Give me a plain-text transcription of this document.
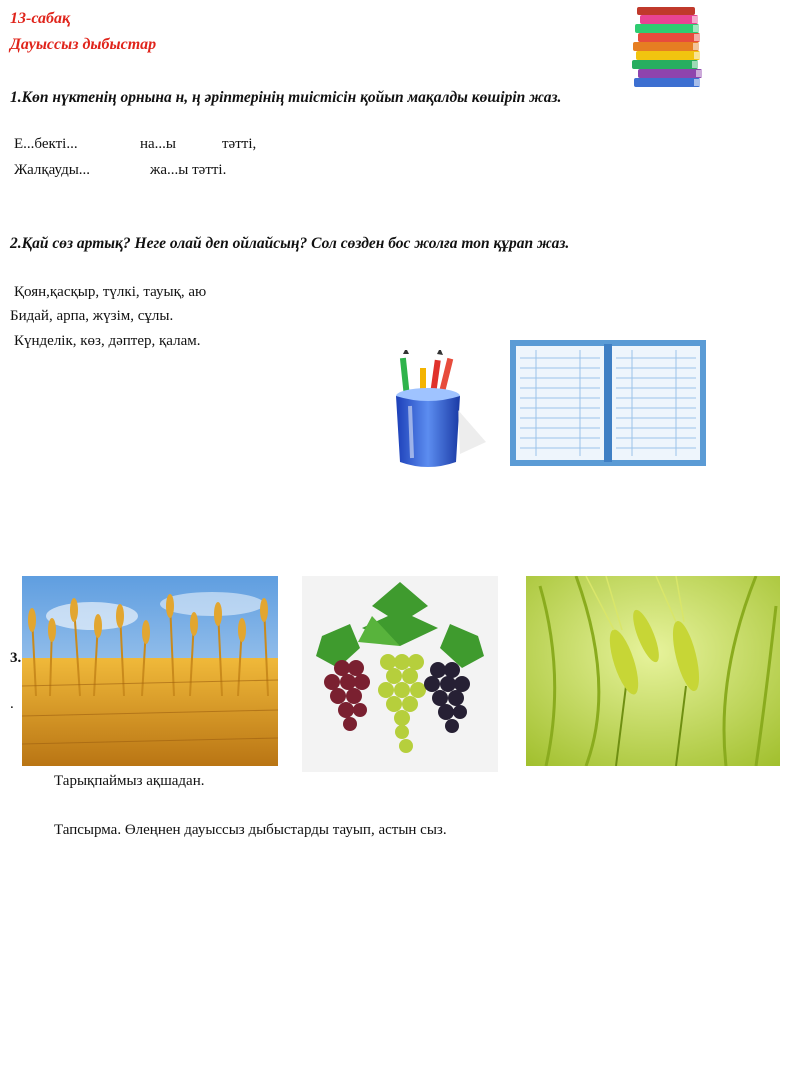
13-сабақ
Дауыссыз дыбыстар
1.Көп нүктенің орнына н, ң әріптерінің тиістісін қойып мақалды көшіріп жаз.
Е...бекті...	на...ы	тәтті,
Жалқауды...	жа...ы тәтті.
2.Қай сөз артық? Неге олай деп ойлайсың? Сол сөзден бос жолға топ құрап жаз.
Қоян,қасқыр, түлкі, тауық, аю
Бидай, арпа, жүзім, сұлы.
Күнделік, көз, дәптер, қалам.
3.
.
Тарықпаймыз ақшадан.
Тапсырма. Өлеңнен дауыссыз дыбыстарды тауып, астын сыз.
